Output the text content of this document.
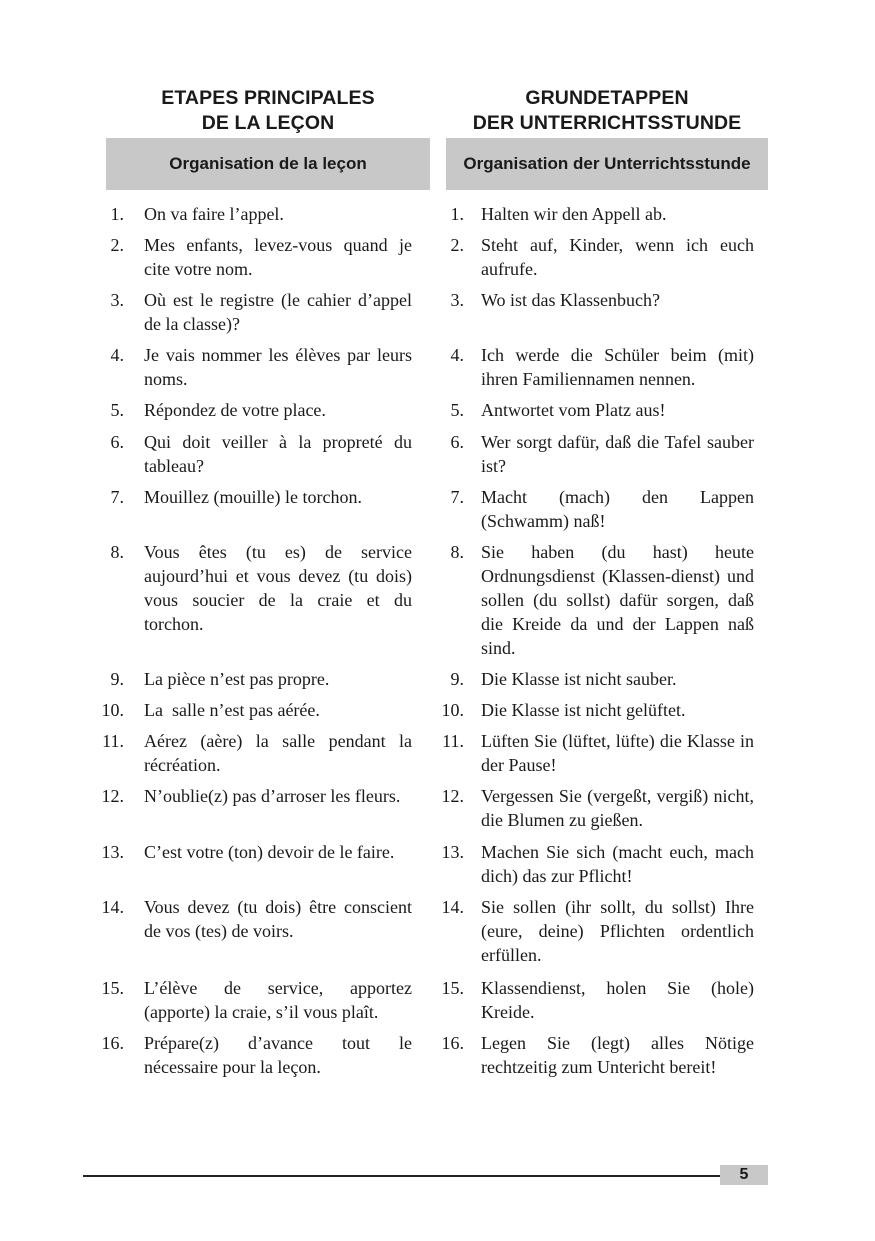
ETAPES PRINCIPALES
DE LA LEÇON
Organisation de la leçon
1. On va faire l’appel.
2. Mes enfants, levez-vous quand je cite votre nom.
3. Où est le registre (le cahier d’appel de la classe)?
4. Je vais nommer les élèves par leurs noms.
5. Répondez de votre place.
6. Qui doit veiller à la propreté du tableau?
7. Mouillez (mouille) le torchon.
8. Vous êtes (tu es) de service aujourd’hui et vous devez (tu dois) vous soucier de la craie et du torchon.
9. La pièce n’est pas propre.
10. La  salle n’est pas aérée.
11. Aérez (aère) la salle pendant la récréation.
12. N’oublie(z) pas d’arroser les fleurs.
13. C’est votre (ton) devoir de le faire.
14. Vous devez (tu dois) être conscient de vos (tes) de voirs.
15. L’élève de service, apportez (apporte) la craie, s’il vous plaît.
16. Prépare(z) d’avance tout le nécessaire pour la leçon.
GRUNDETAPPEN
DER UNTERRICHTSSTUNDE
Organisation der Unterrichtsstunde
1. Halten wir den Appell ab.
2. Steht auf, Kinder, wenn ich euch aufrufe.
3. Wo ist das Klassenbuch?
4. Ich werde die Schüler beim (mit) ihren Familiennamen nennen.
5. Antwortet vom Platz aus!
6. Wer sorgt dafür, daß die Tafel sauber ist?
7. Macht (mach) den Lappen (Schwamm) naß!
8. Sie haben (du hast) heute Ordnungsdienst (Klassen-dienst) und sollen (du sollst) dafür sorgen, daß die Kreide da und der Lappen naß sind.
9. Die Klasse ist nicht sauber.
10. Die Klasse ist nicht gelüftet.
11. Lüften Sie (lüftet, lüfte) die Klasse in der Pause!
12. Vergessen Sie (vergeßt, vergiß) nicht, die Blumen zu gießen.
13. Machen Sie sich (macht euch, mach dich) das zur Pflicht!
14. Sie sollen (ihr sollt, du sollst) Ihre (eure, deine) Pflichten ordentlich erfüllen.
15. Klassendienst, holen Sie (hole) Kreide.
16. Legen Sie (legt) alles Nötige rechtzeitig zum Untericht bereit!
5
